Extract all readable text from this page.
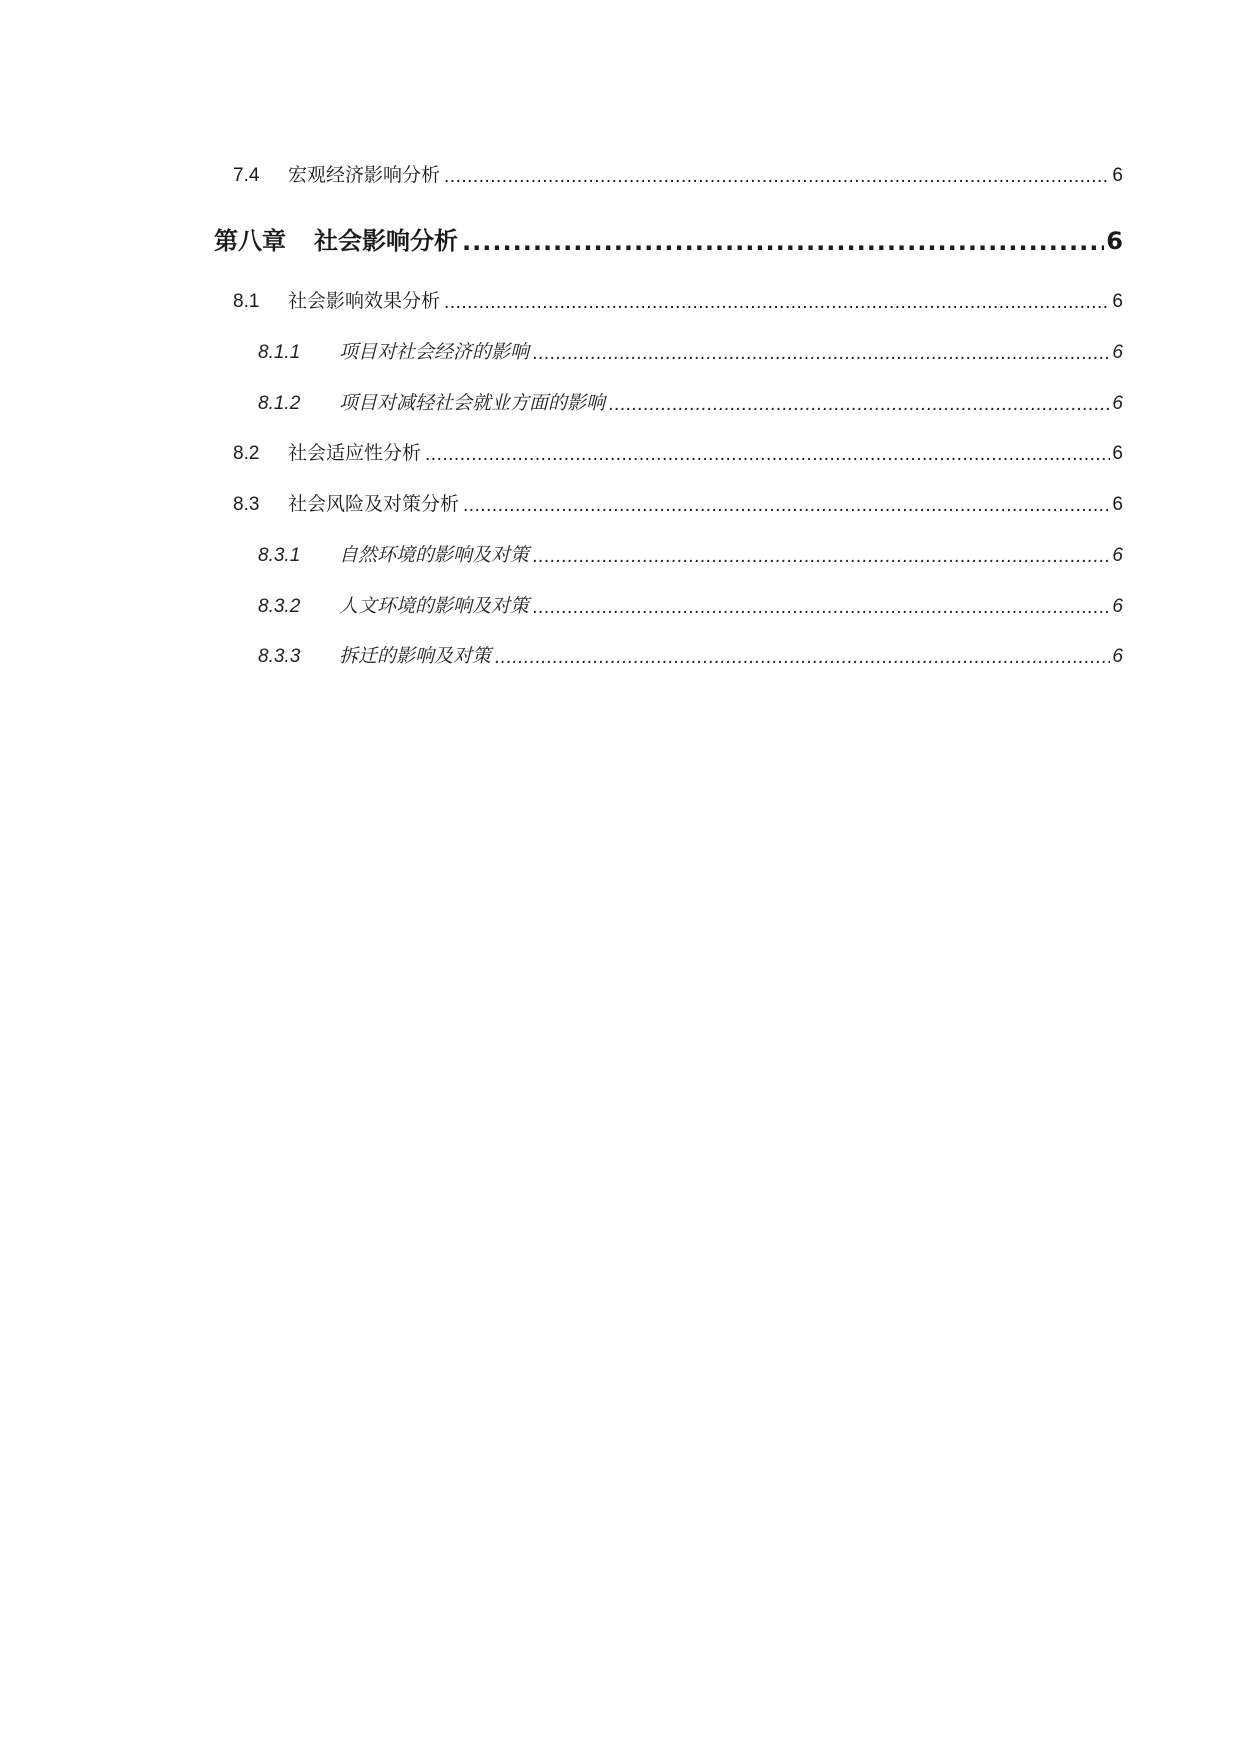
7.4	宏观经济影响分析 .....	6
第八章	社会影响分析 .....	6
8.1	社会影响效果分析 .....	6
8.1.1	项目对社会经济的影响 .....	6
8.1.2	项目对减轻社会就业方面的影响 .....	6
8.2	社会适应性分析 .....	6
8.3	社会风险及对策分析 .....	6
8.3.1	自然环境的影响及对策 .....	6
8.3.2	人文环境的影响及对策 .....	6
8.3.3	拆迁的影响及对策 .....	6
